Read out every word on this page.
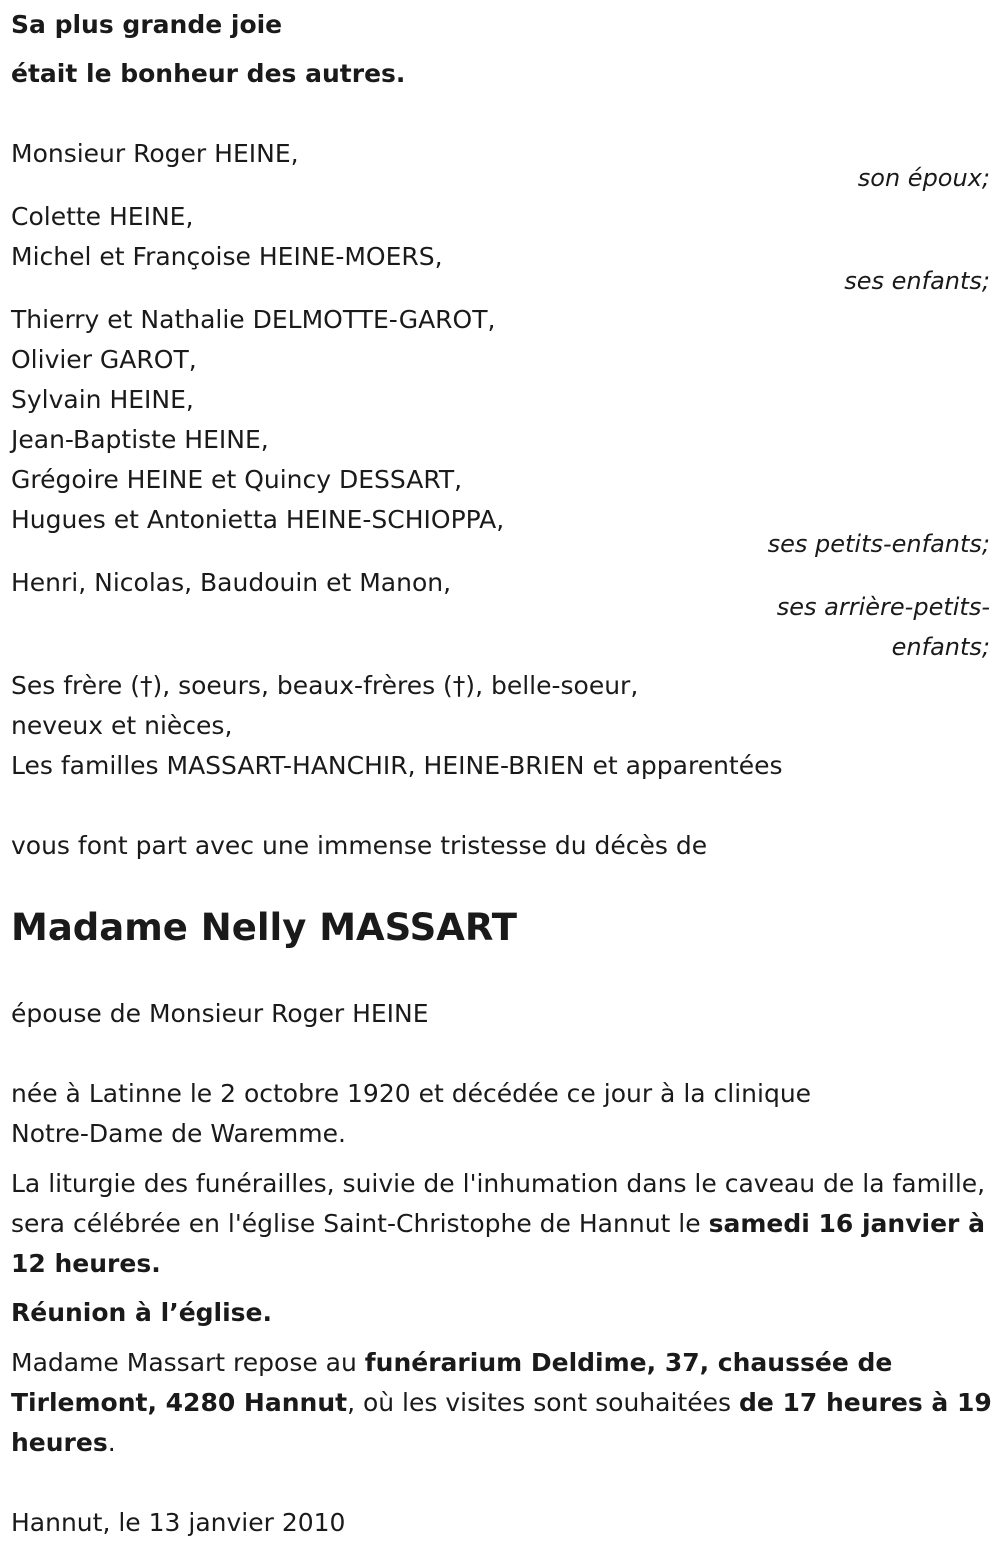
Sa plus grande joie
était le bonheur des autres.
Monsieur Roger HEINE,
son époux;
Colette HEINE,
Michel et Françoise HEINE-MOERS,
ses enfants;
Thierry et Nathalie DELMOTTE-GAROT,
Olivier GAROT,
Sylvain HEINE,
Jean-Baptiste HEINE,
Grégoire HEINE et Quincy DESSART,
Hugues et Antonietta HEINE-SCHIOPPA,
ses petits-enfants;
Henri, Nicolas, Baudouin et Manon,
ses arrière-petits-
enfants;
Ses frère (†), soeurs, beaux-frères (†), belle-soeur,
neveux et nièces,
Les familles MASSART-HANCHIR, HEINE-BRIEN et apparentées
vous font part avec une immense tristesse du décès de
Madame Nelly MASSART
épouse de Monsieur Roger HEINE
née à Latinne le 2 octobre 1920 et décédée ce jour à la clinique Notre-Dame de Waremme.
La liturgie des funérailles, suivie de l'inhumation dans le caveau de la famille, sera célébrée en l'église Saint-Christophe de Hannut le samedi 16 janvier à 12 heures.
Réunion à l’église.
Madame Massart repose au funérarium Deldime, 37, chaussée de Tirlemont, 4280 Hannut, où les visites sont souhaitées de 17 heures à 19 heures.
Hannut, le 13 janvier 2010
